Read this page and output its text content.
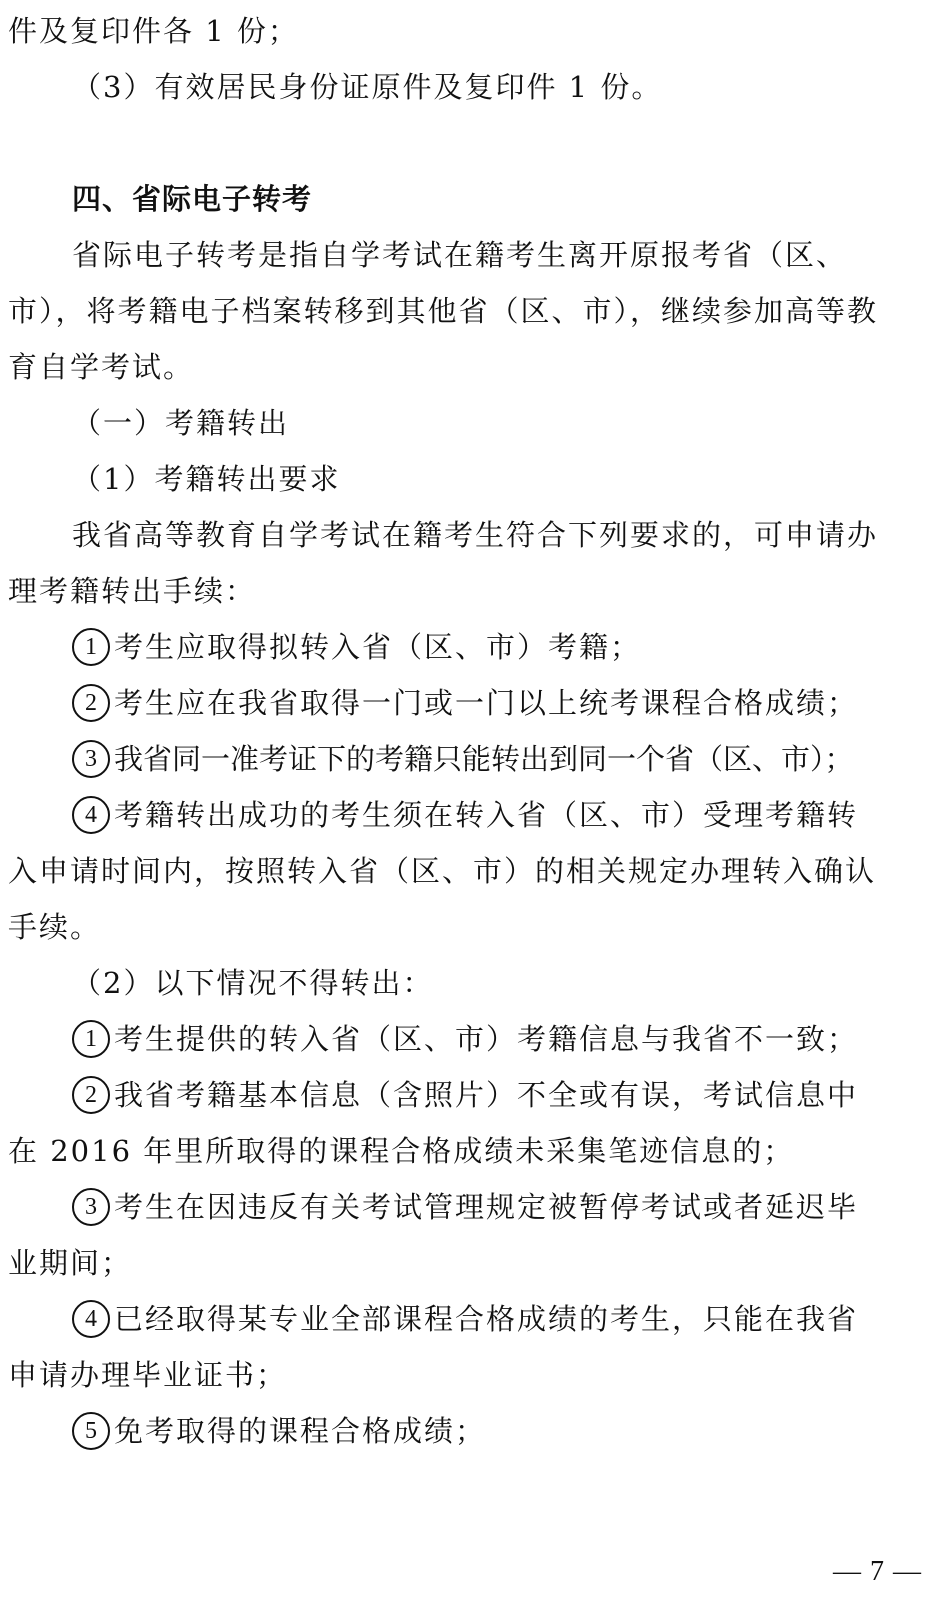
件及复印件各 1 份；
（3）有效居民身份证原件及复印件 1 份。
四、省际电子转考
省际电子转考是指自学考试在籍考生离开原报考省（区、
市），将考籍电子档案转移到其他省（区、市），继续参加高等教
育自学考试。
（一）考籍转出
（1）考籍转出要求
我省高等教育自学考试在籍考生符合下列要求的，可申请办
理考籍转出手续：
1 考生应取得拟转入省（区、市）考籍；
2 考生应在我省取得一门或一门以上统考课程合格成绩；
3 我省同一准考证下的考籍只能转出到同一个省（区、市）；
4 考籍转出成功的考生须在转入省（区、市）受理考籍转
入申请时间内，按照转入省（区、市）的相关规定办理转入确认
手续。
（2）以下情况不得转出：
1 考生提供的转入省（区、市）考籍信息与我省不一致；
2 我省考籍基本信息（含照片）不全或有误，考试信息中
在 2016 年里所取得的课程合格成绩未采集笔迹信息的；
3 考生在因违反有关考试管理规定被暂停考试或者延迟毕
业期间；
4 已经取得某专业全部课程合格成绩的考生，只能在我省
申请办理毕业证书；
5 免考取得的课程合格成绩；
— 7 —
